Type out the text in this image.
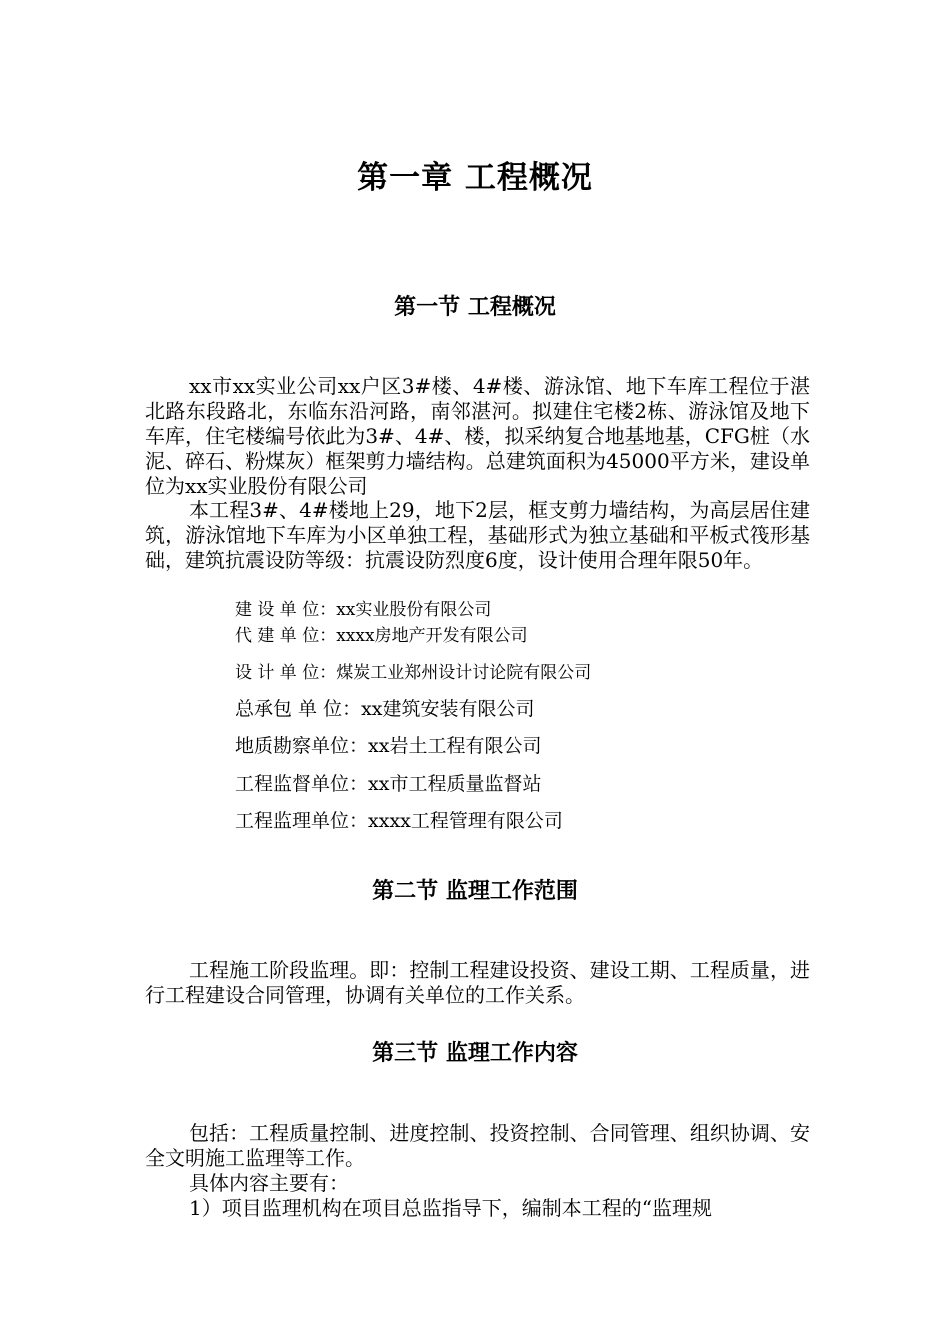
第一章 工程概况
第一节 工程概况

xx市xx实业公司xx户区3#楼、4#楼、游泳馆、地下车库工程位于湛北路东段路北，东临东沿河路，南邻湛河。拟建住宅楼2栋、游泳馆及地下车库，住宅楼编号依此为3#、4#、楼，拟采纳复合地基地基，CFG桩（水泥、碎石、粉煤灰）框架剪力墙结构。总建筑面积为45000平方米，建设单位为xx实业股份有限公司

本工程3#、4#楼地上29，地下2层，框支剪力墙结构，为高层居住建筑，游泳馆地下车库为小区单独工程，基础形式为独立基础和平板式筏形基础，建筑抗震设防等级：抗震设防烈度6度，设计使用合理年限50年。

建 设 单 位：xx实业股份有限公司
代 建 单 位：xxxx房地产开发有限公司
设 计 单 位：煤炭工业郑州设计讨论院有限公司
总承包 单 位：xx建筑安装有限公司
地质勘察单位：xx岩土工程有限公司
工程监督单位：xx市工程质量监督站
工程监理单位：xxxx工程管理有限公司
第二节 监理工作范围

工程施工阶段监理。即：控制工程建设投资、建设工期、工程质量，进行工程建设合同管理，协调有关单位的工作关系。

第三节 监理工作内容

包括：工程质量控制、进度控制、投资控制、合同管理、组织协调、安全文明施工监理等工作。

具体内容主要有：
1）项目监理机构在项目总监指导下，编制本工程的“监理规
